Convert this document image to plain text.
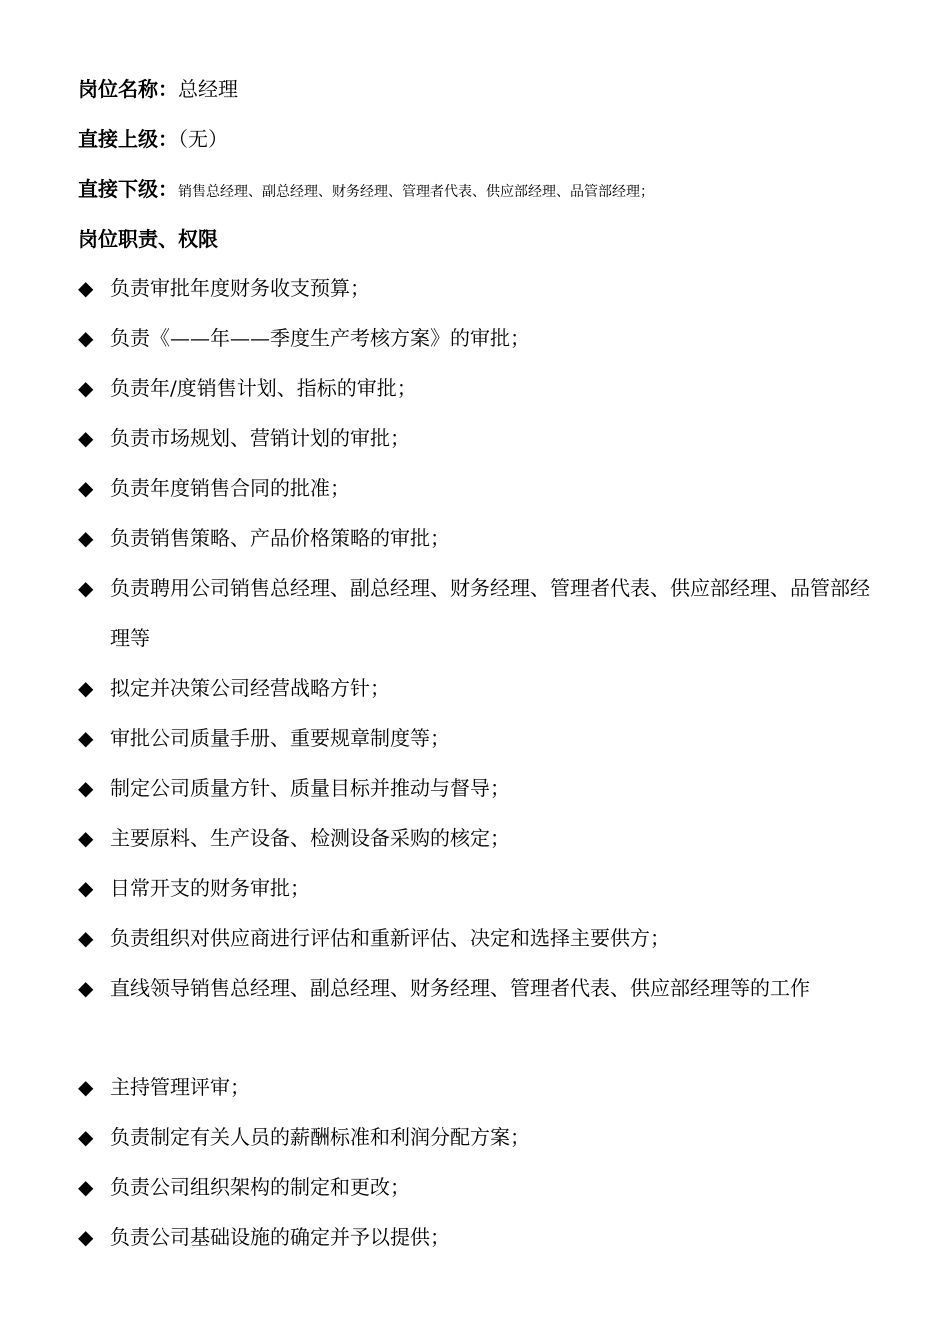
岗位名称：总经理
直接上级：（无）
直接下级：销售总经理、副总经理、财务经理、管理者代表、供应部经理、品管部经理；
岗位职责、权限
◆ 负责审批年度财务收支预算；
◆ 负责《——年——季度生产考核方案》的审批；
◆ 负责年/度销售计划、指标的审批；
◆ 负责市场规划、营销计划的审批；
◆ 负责年度销售合同的批准；
◆ 负责销售策略、产品价格策略的审批；
◆ 负责聘用公司销售总经理、副总经理、财务经理、管理者代表、供应部经理、品管部经理等
◆ 拟定并决策公司经营战略方针；
◆ 审批公司质量手册、重要规章制度等；
◆ 制定公司质量方针、质量目标并推动与督导；
◆ 主要原料、生产设备、检测设备采购的核定；
◆ 日常开支的财务审批；
◆ 负责组织对供应商进行评估和重新评估、决定和选择主要供方；
◆ 直线领导销售总经理、副总经理、财务经理、管理者代表、供应部经理等的工作
◆ 主持管理评审；
◆ 负责制定有关人员的薪酬标准和利润分配方案；
◆ 负责公司组织架构的制定和更改；
◆ 负责公司基础设施的确定并予以提供；
